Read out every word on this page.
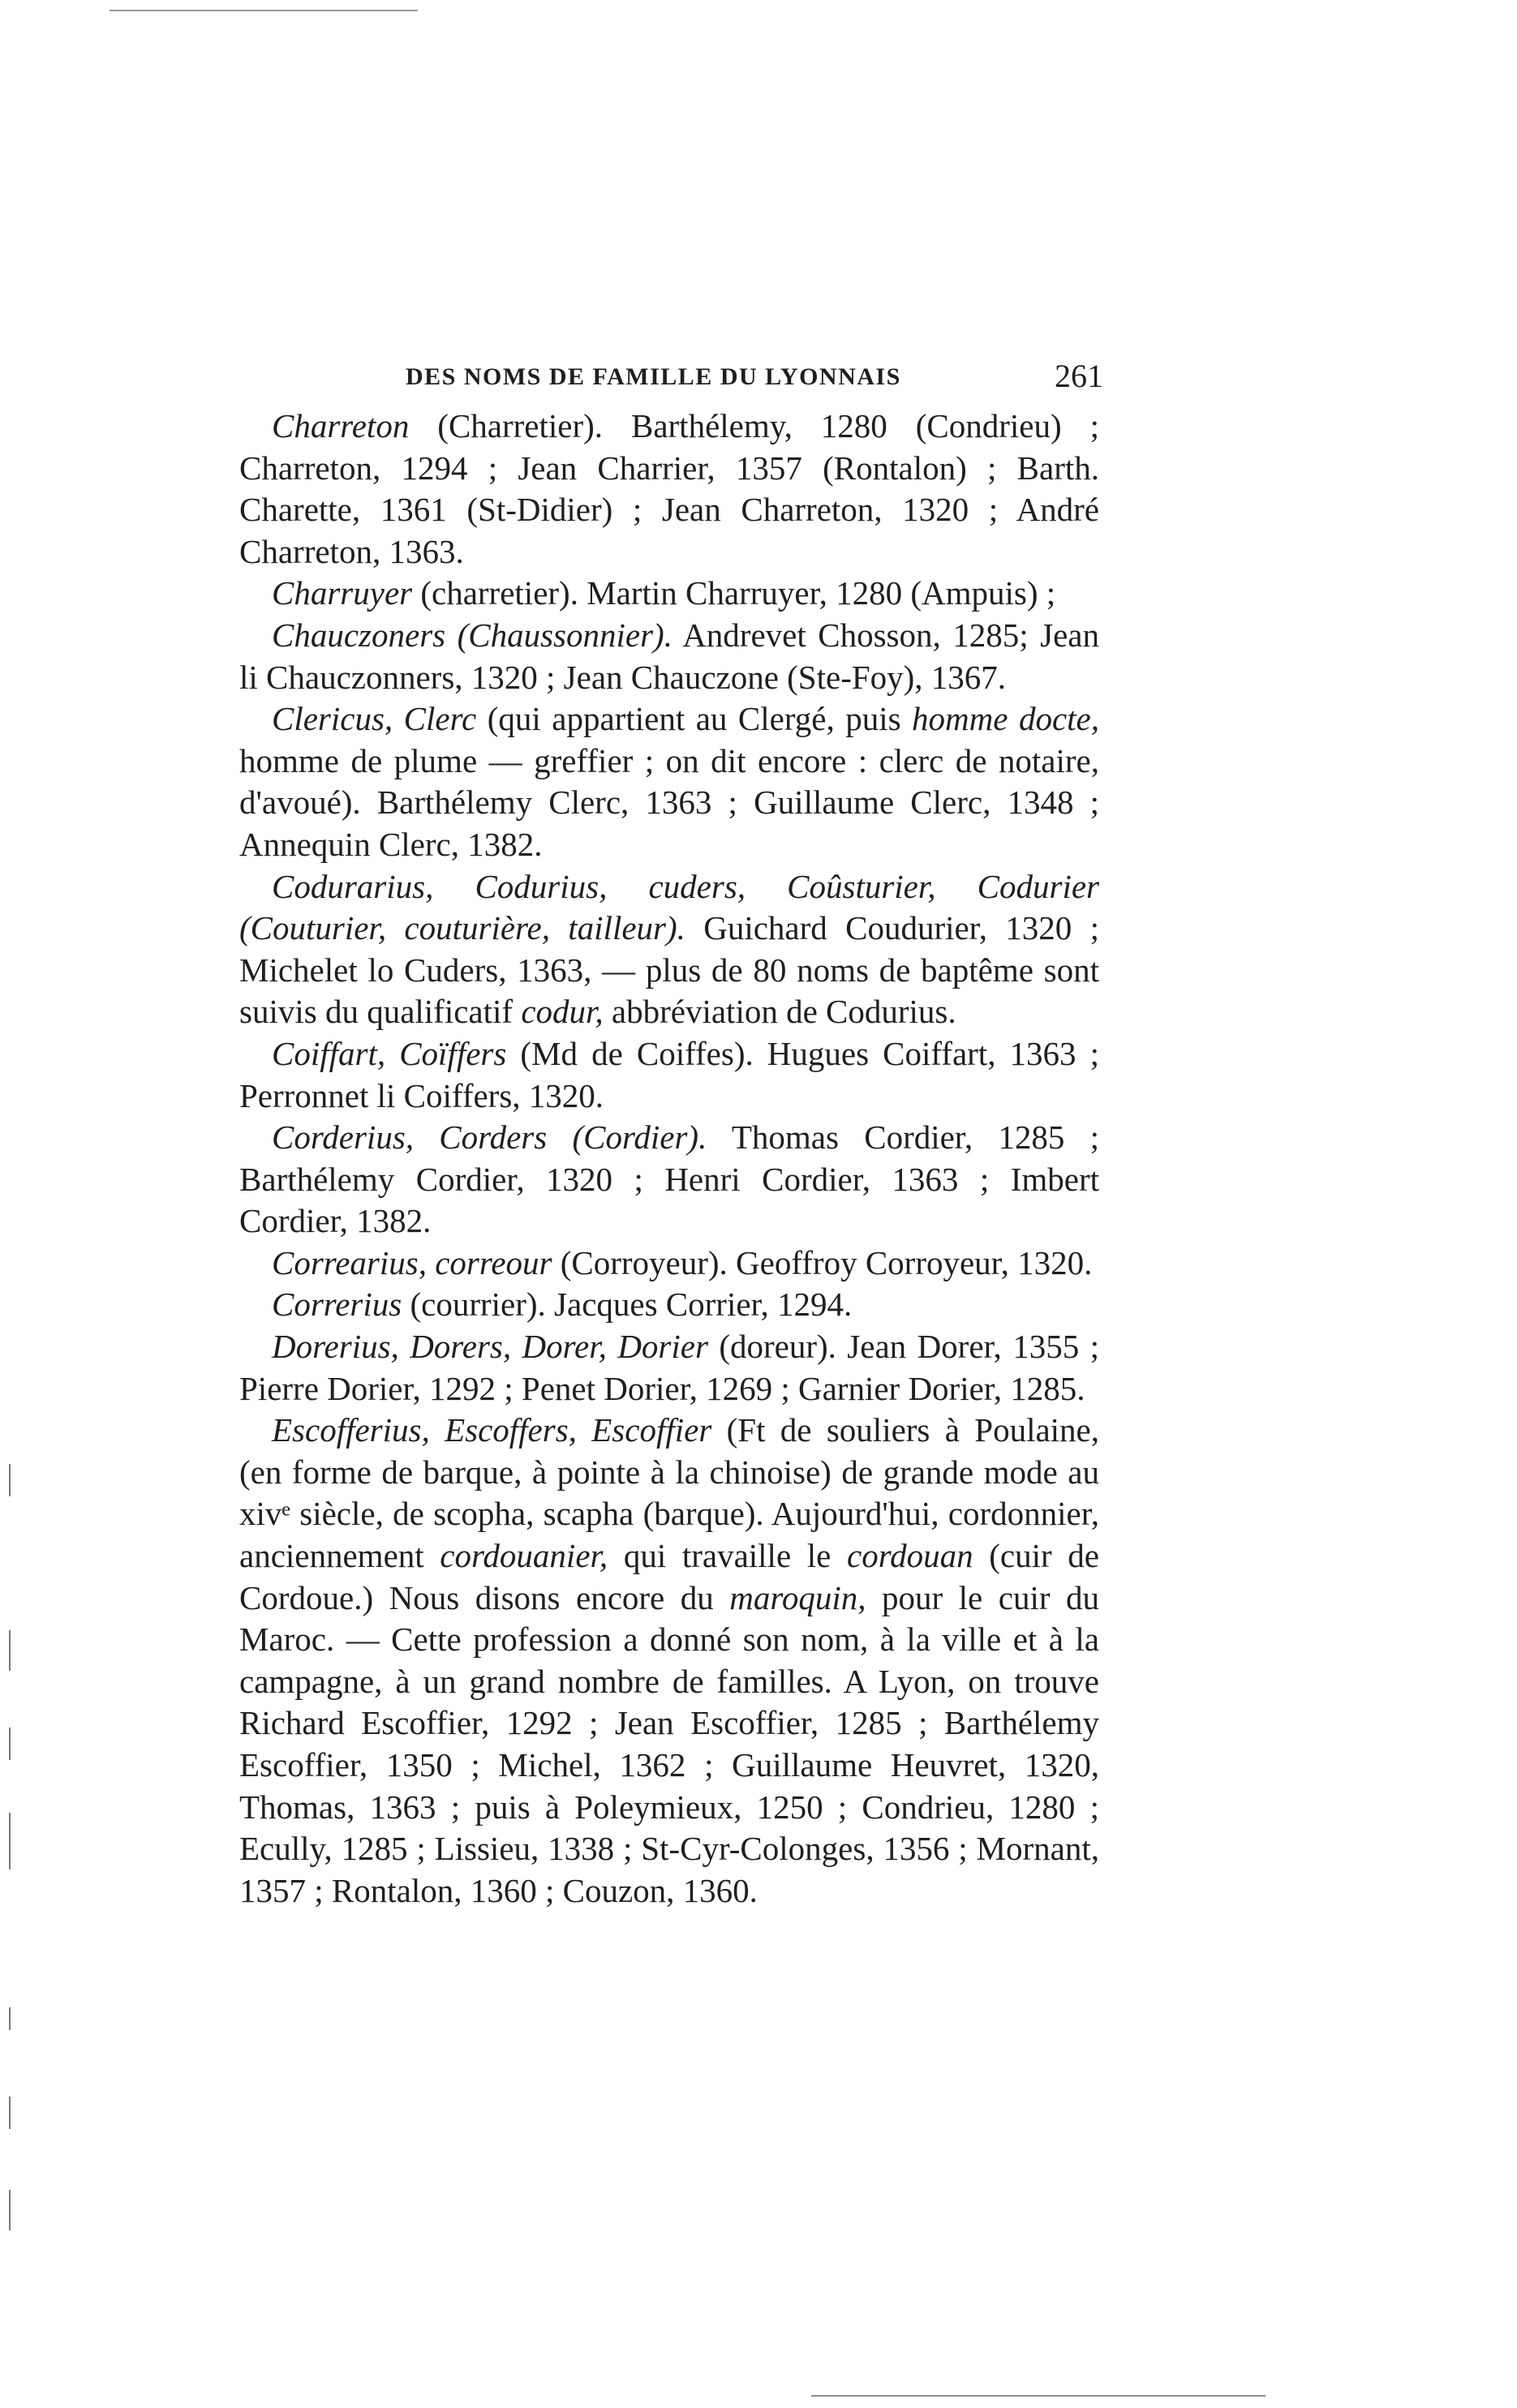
DES NOMS DE FAMILLE DU LYONNAIS	261

Charreton (Charretier). Barthélemy, 1280 (Condrieu) ; Charreton, 1294 ; Jean Charrier, 1357 (Rontalon) ; Barth. Charette, 1361 (St-Didier) ; Jean Charreton, 1320 ; André Charreton, 1363.

Charruyer (charretier). Martin Charruyer, 1280 (Ampuis) ;

Chauczoners (Chaussonnier). Andrevet Chosson, 1285; Jean li Chauczonners, 1320 ; Jean Chauczone (Ste-Foy), 1367.

Clericus, Clerc (qui appartient au Clergé, puis homme docte, homme de plume — greffier ; on dit encore : clerc de notaire, d'avoué). Barthélemy Clerc, 1363 ; Guillaume Clerc, 1348 ; Annequin Clerc, 1382.

Codurarius, Codurius, cuders, Coûsturier, Codurier (Couturier, couturière, tailleur). Guichard Coudurier, 1320 ; Michelet lo Cuders, 1363, — plus de 80 noms de baptême sont suivis du qualificatif codur, abbréviation de Codurius.

Coiffart, Coïffers (Md de Coiffes). Hugues Coiffart, 1363 ; Perronnet li Coiffers, 1320.

Corderius, Corders (Cordier). Thomas Cordier, 1285 ; Barthélemy Cordier, 1320 ; Henri Cordier, 1363 ; Imbert Cordier, 1382.

Correarius, correour (Corroyeur). Geoffroy Corroyeur, 1320.

Correrius (courrier). Jacques Corrier, 1294.

Dorerius, Dorers, Dorer, Dorier (doreur). Jean Dorer, 1355 ; Pierre Dorier, 1292 ; Penet Dorier, 1269 ; Garnier Dorier, 1285.

Escofferius, Escoffers, Escoffier (Ft de souliers à Poulaine, (en forme de barque, à pointe à la chinoise) de grande mode au xivᵉ siècle, de scopha, scapha (barque). Aujourd'hui, cordonnier, anciennement cordouanier, qui travaille le cordouan (cuir de Cordoue.) Nous disons encore du maroquin, pour le cuir du Maroc. — Cette profession a donné son nom, à la ville et à la campagne, à un grand nombre de familles. A Lyon, on trouve Richard Escoffier, 1292 ; Jean Escoffier, 1285 ; Barthélemy Escoffier, 1350 ; Michel, 1362 ; Guillaume Heuvret, 1320, Thomas, 1363 ; puis à Poleymieux, 1250 ; Condrieu, 1280 ; Ecully, 1285 ; Lissieu, 1338 ; St-Cyr-Colonges, 1356 ; Mornant, 1357 ; Rontalon, 1360 ; Couzon, 1360.
